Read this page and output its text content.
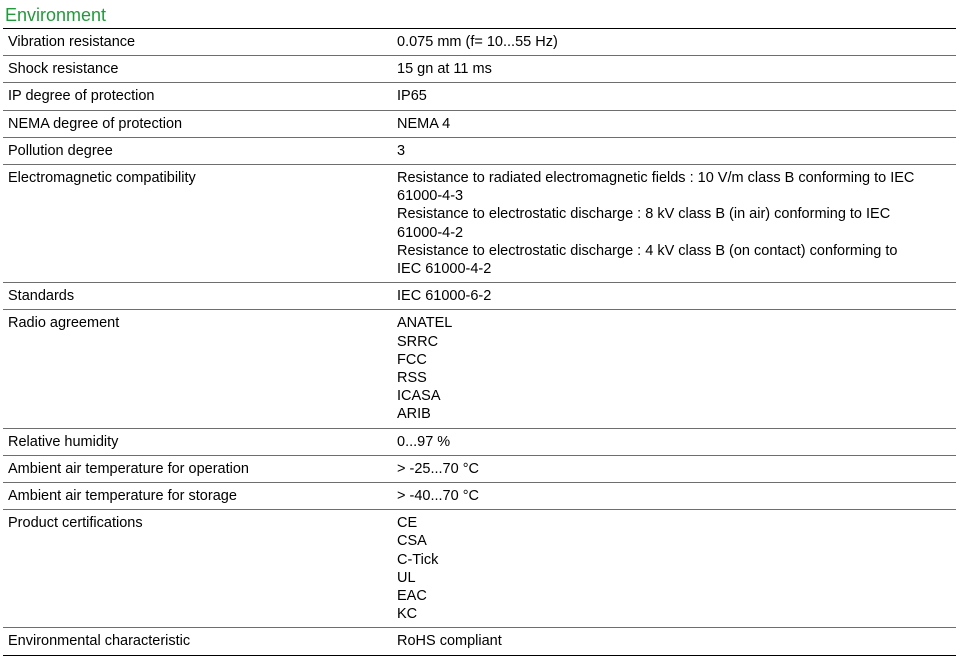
Environment
Vibration resistance	0.075 mm (f= 10...55 Hz)
Shock resistance	15 gn at 11 ms
IP degree of protection	IP65
NEMA degree of protection	NEMA 4
Pollution degree	3
Electromagnetic compatibility	Resistance to radiated electromagnetic fields : 10 V/m class B conforming to IEC
61000-4-3
Resistance to electrostatic discharge : 8 kV class B (in air) conforming to IEC
61000-4-2
Resistance to electrostatic discharge : 4 kV class B (on contact) conforming to
IEC 61000-4-2
Standards	IEC 61000-6-2
Radio agreement	ANATEL
SRRC
FCC
RSS
ICASA
ARIB
Relative humidity	0...97 %
Ambient air temperature for operation	> -25...70 °C
Ambient air temperature for storage	> -40...70 °C
Product certifications	CE
CSA
C-Tick
UL
EAC
KC
Environmental characteristic	RoHS compliant
